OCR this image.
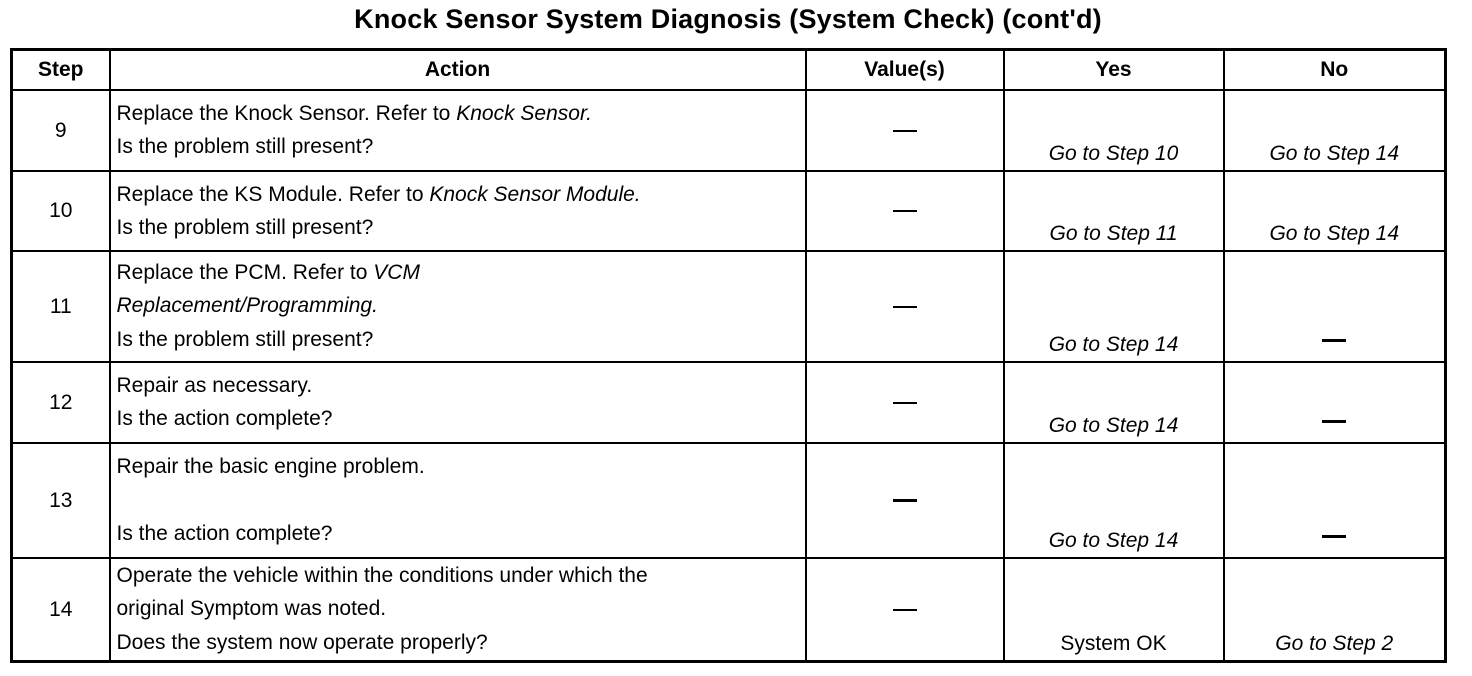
Knock Sensor System Diagnosis (System Check) (cont'd)
Step	Action	Value(s)	Yes	No
9	Replace the Knock Sensor. Refer to Knock Sensor.
Is the problem still present?		Go to Step 10	Go to Step 14
10	Replace the KS Module. Refer to Knock Sensor Module.
Is the problem still present?		Go to Step 11	Go to Step 14
11	Replace the PCM. Refer to VCM
Replacement/Programming.
Is the problem still present?		Go to Step 14	
12	Repair as necessary.
Is the action complete?		Go to Step 14	
13	Repair the basic engine problem.

Is the action complete?		Go to Step 14	
14	Operate the vehicle within the conditions under which the
original Symptom was noted.
Does the system now operate properly?		System OK	Go to Step 2
